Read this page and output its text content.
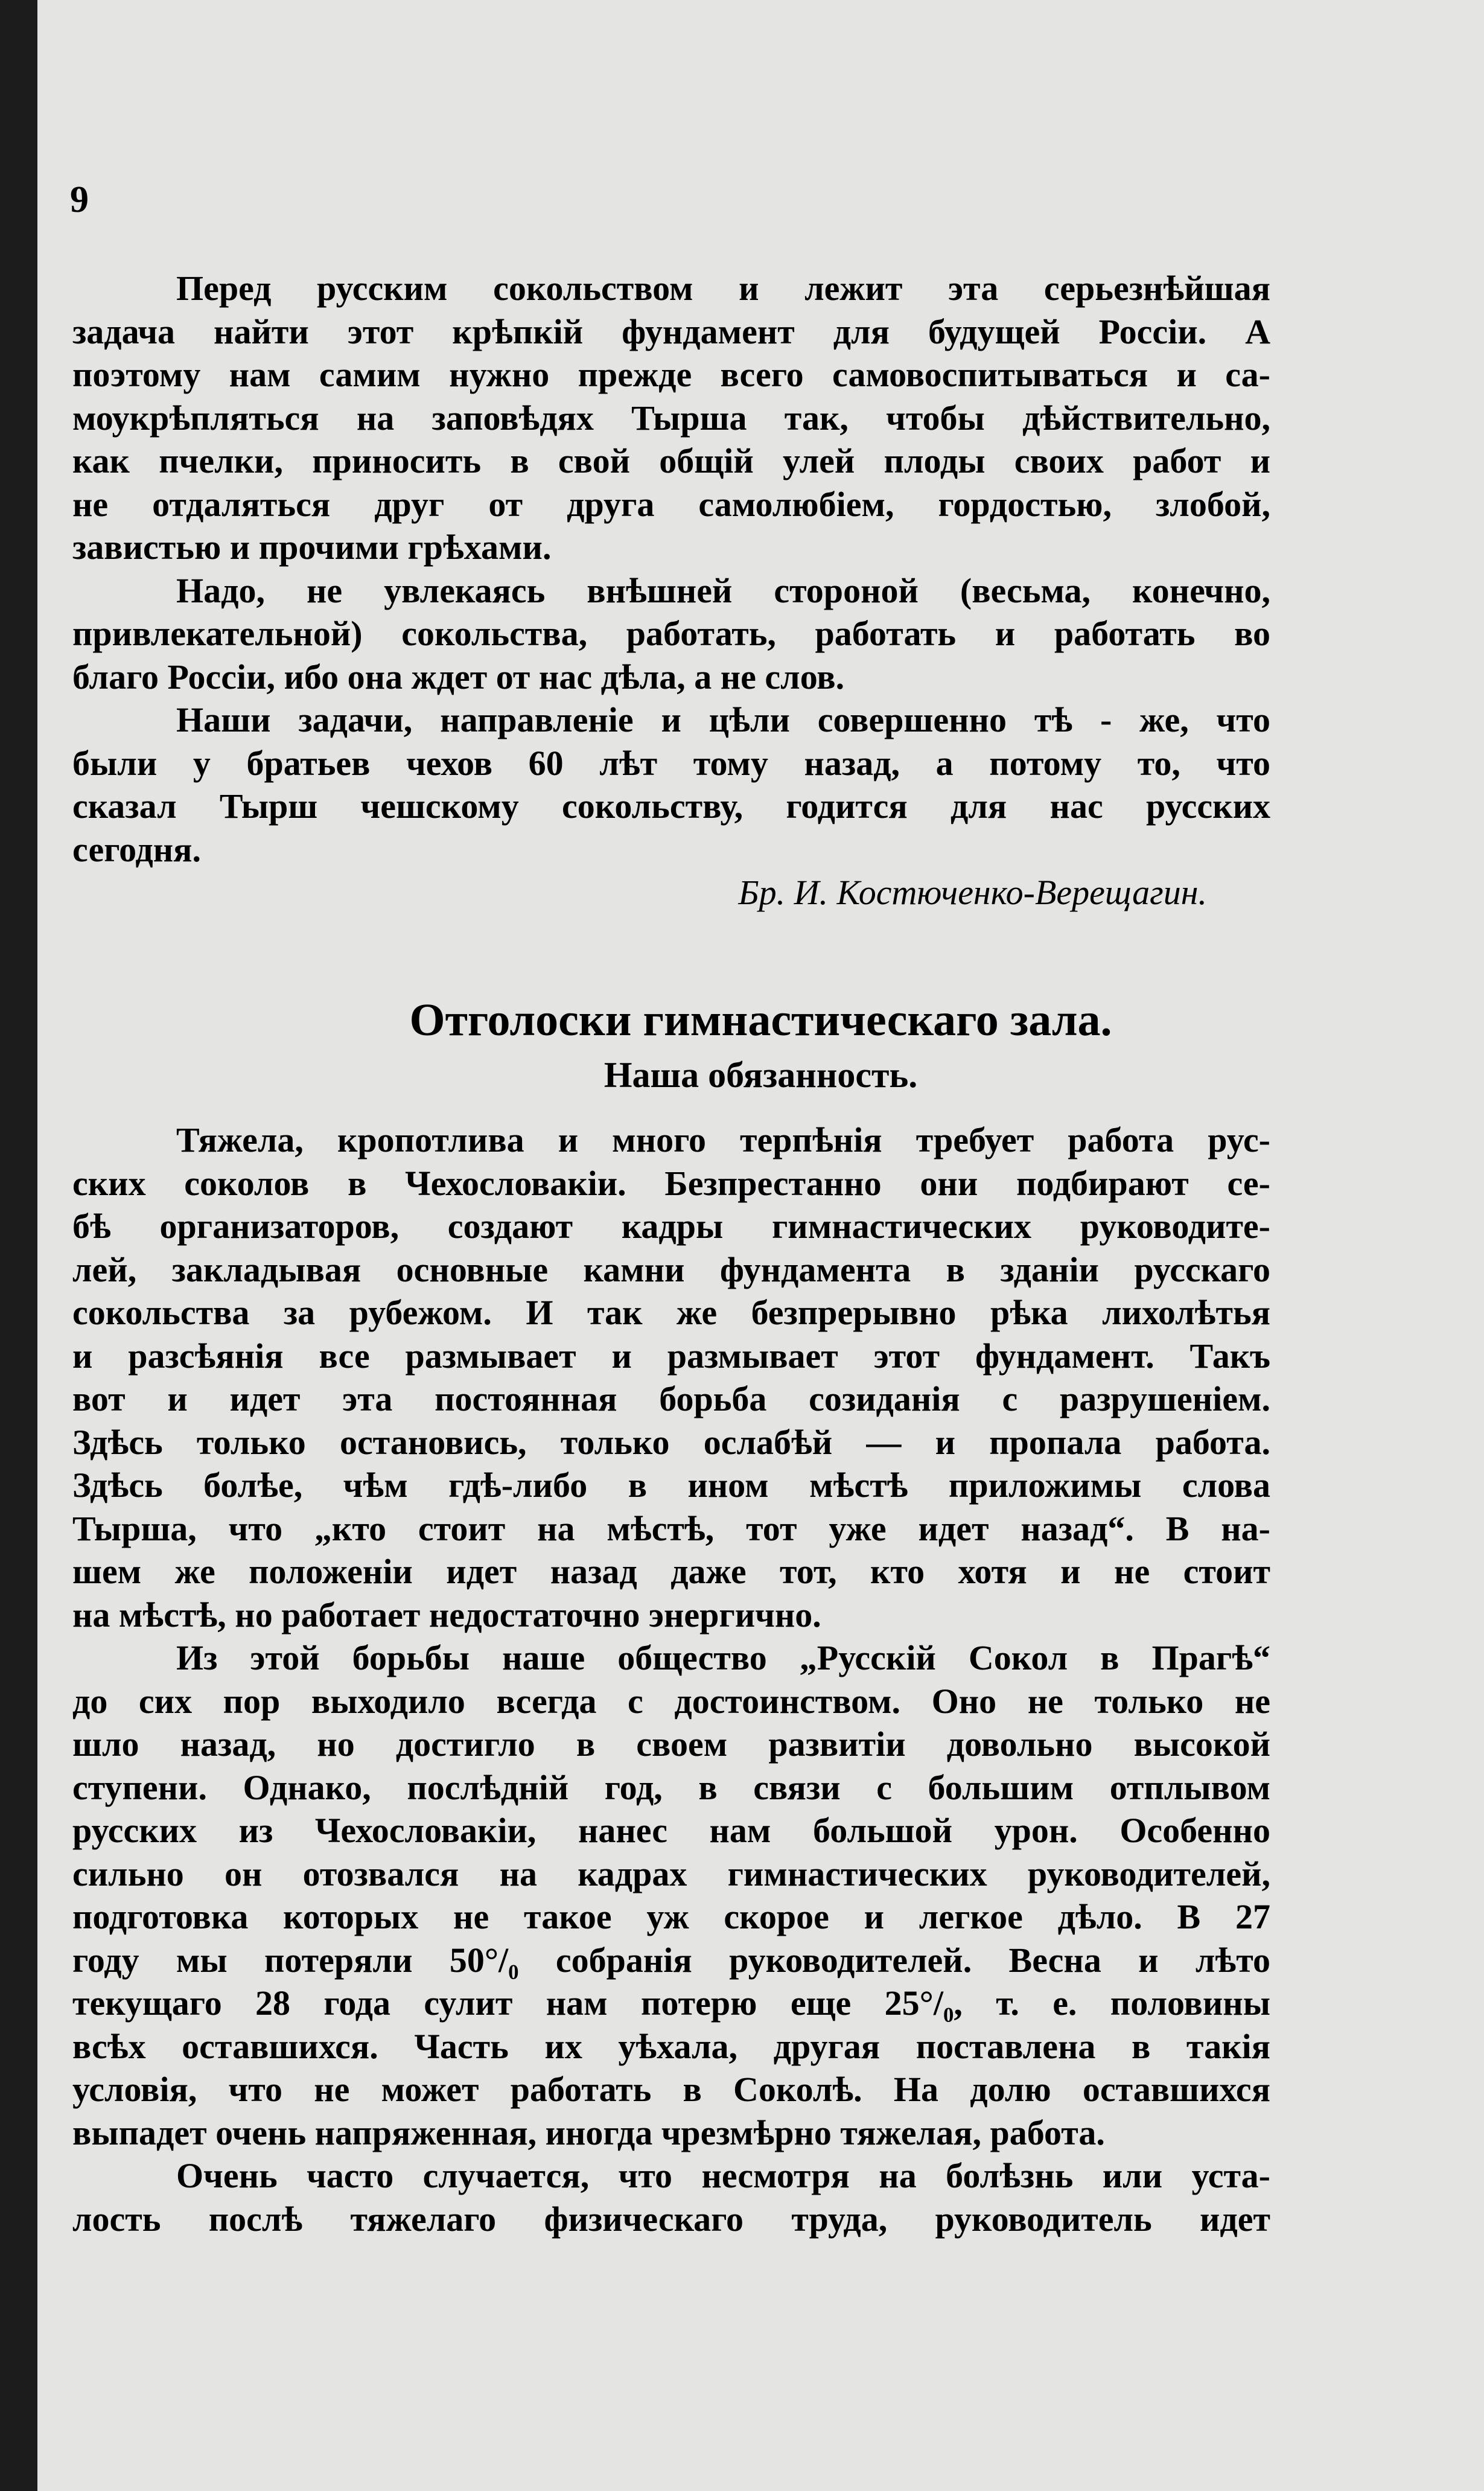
9
Перед русским сокольством и лежит эта серьезнѣйшая
задача найти этот крѣпкій фундамент для будущей Россіи. А
поэтому нам самим нужно прежде всего самовоспитываться и са-
моукрѣпляться на заповѣдях Тырша так, чтобы дѣйствительно,
как пчелки, приносить в свой общій улей плоды своих работ и
не отдаляться друг от друга самолюбіем, гордостью, злобой,
завистью и прочими грѣхами.
Надо, не увлекаясь внѣшней стороной (весьма, конечно,
привлекательной) сокольства, работать, работать и работать во
благо Россіи, ибо она ждет от нас дѣла, а не слов.
Наши задачи, направленіе и цѣли совершенно тѣ - же, что
были у братьев чехов 60 лѣт тому назад, а потому то, что
сказал Тырш чешскому сокольству, годится для нас русских
сегодня.
Бр. И. Костюченко-Верещагин.
Отголоски гимнастическаго зала.
Наша обязанность.
Тяжела, кропотлива и много терпѣнія требует работа рус-
ских соколов в Чехословакіи. Безпрестанно они подбирают се-
бѣ организаторов, создают кадры гимнастических руководите-
лей, закладывая основные камни фундамента в зданіи русскаго
сокольства за рубежом. И так же безпрерывно рѣка лихолѣтья
и разсѣянія все размывает и размывает этот фундамент. Такъ
вот и идет эта постоянная борьба созиданія с разрушеніем.
Здѣсь только остановись, только ослабѣй — и пропала работа.
Здѣсь болѣе, чѣм гдѣ-либо в ином мѣстѣ приложимы слова
Тырша, что „кто стоит на мѣстѣ, тот уже идет назад“. В на-
шем же положеніи идет назад даже тот, кто хотя и не стоит
на мѣстѣ, но работает недостаточно энергично.
Из этой борьбы наше общество „Русскій Сокол в Прагѣ“
до сих пор выходило всегда с достоинством. Оно не только не
шло назад, но достигло в своем развитіи довольно высокой
ступени. Однако, послѣдній год, в связи с большим отплывом
русских из Чехословакіи, нанес нам большой урон. Особенно
сильно он отозвался на кадрах гимнастических руководителей,
подготовка которых не такое уж скорое и легкое дѣло. В 27
году мы потеряли 50°/₀ собранія руководителей. Весна и лѣто
текущаго 28 года сулит нам потерю еще 25°/₀, т. е. половины
всѣх оставшихся. Часть их уѣхала, другая поставлена в такія
условія, что не может работать в Соколѣ. На долю оставшихся
выпадет очень напряженная, иногда чрезмѣрно тяжелая, работа.
Очень часто случается, что несмотря на болѣзнь или уста-
лость послѣ тяжелаго физическаго труда, руководитель идет
